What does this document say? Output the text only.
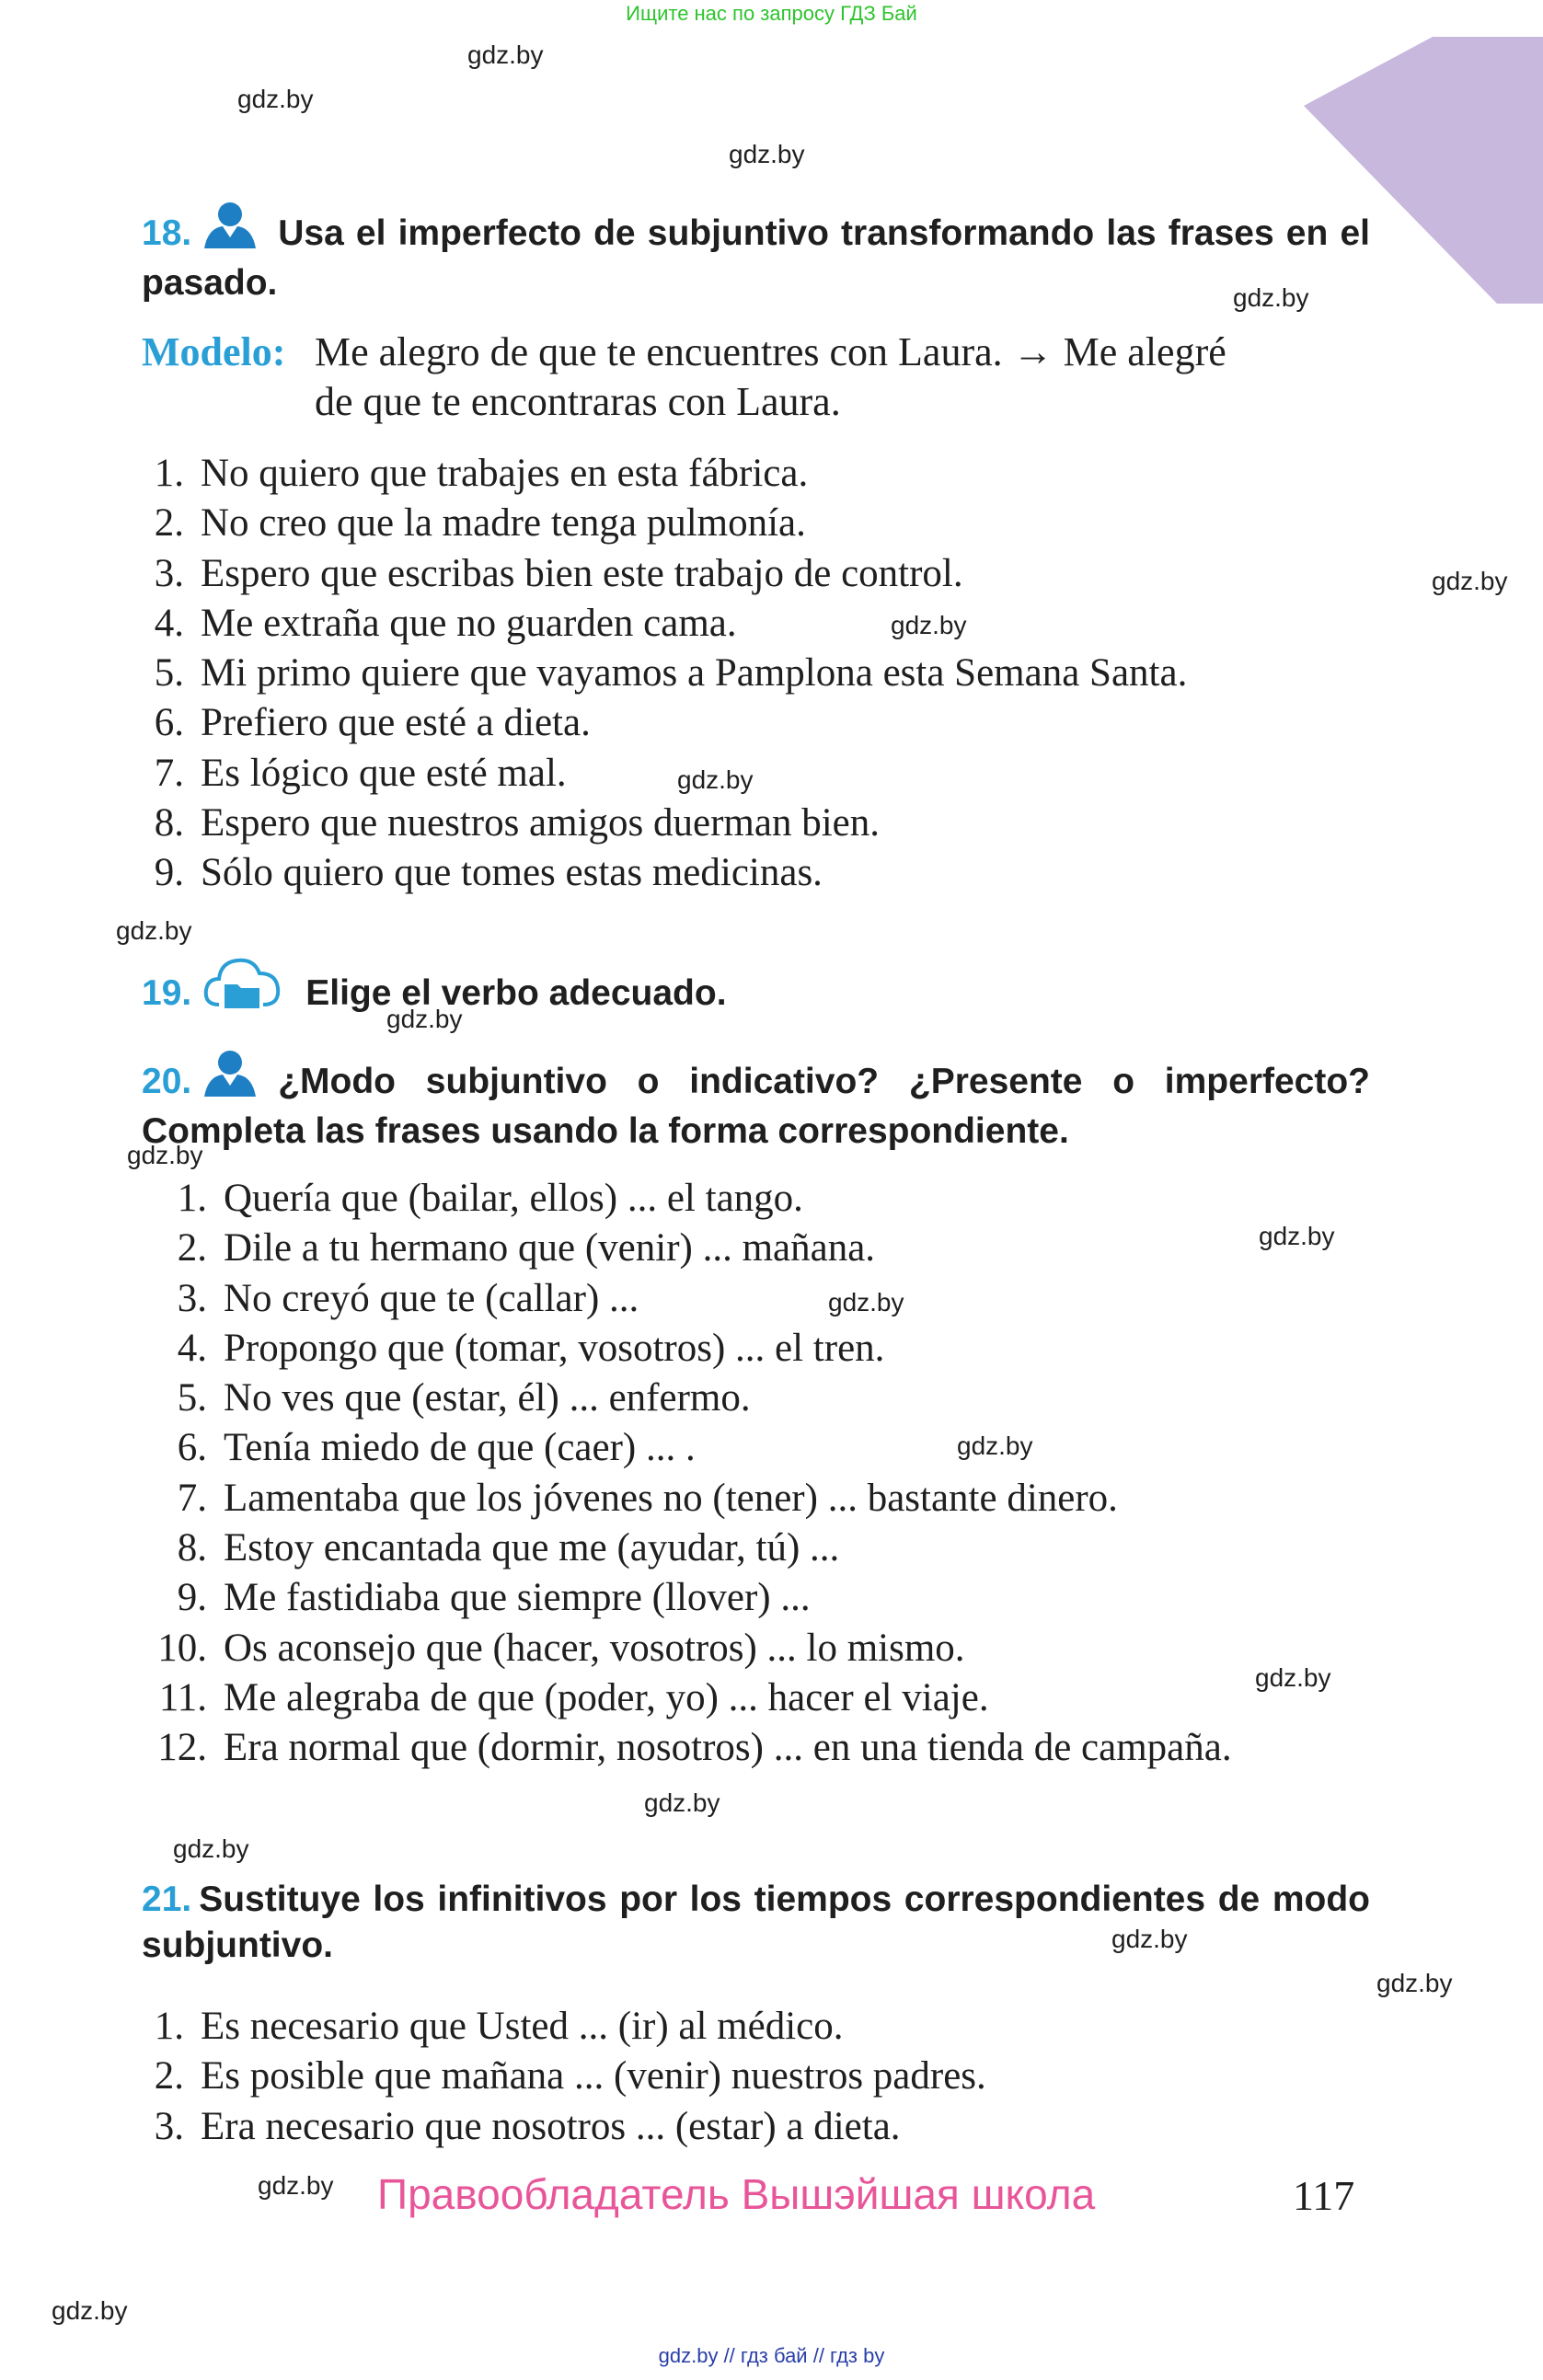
Ищите нас по запросу ГДЗ Бай
gdz.by
gdz.by
gdz.by
gdz.by
gdz.by
gdz.by
gdz.by
gdz.by
gdz.by
gdz.by
gdz.by
gdz.by
gdz.by
gdz.by
gdz.by
gdz.by
gdz.by
gdz.by
gdz.by
gdz.by
18. Usa el imperfecto de subjuntivo transformando las frases en el pasado.
Modelo: Me alegro de que te encuentres con Laura. → Me alegré
de que te encontraras con Laura.
1. No quiero que trabajes en esta fábrica.
2. No creo que la madre tenga pulmonía.
3. Espero que escribas bien este trabajo de control.
4. Me extraña que no guarden cama.
5. Mi primo quiere que vayamos a Pamplona esta Semana Santa.
6. Prefiero que esté a dieta.
7. Es lógico que esté mal.
8. Espero que nuestros amigos duerman bien.
9. Sólo quiero que tomes estas medicinas.
19.	Elige el verbo adecuado.
20. ¿Modo subjuntivo o indicativo? ¿Presente o imperfecto? Completa las frases usando la forma correspondiente.
1. Quería que (bailar, ellos) ... el tango.
2. Dile a tu hermano que (venir) ... mañana.
3. No creyó que te (callar) ...
4. Propongo que (tomar, vosotros) ... el tren.
5. No ves que (estar, él) ... enfermo.
6. Tenía miedo de que (caer) ... .
7. Lamentaba que los jóvenes no (tener) ... bastante dinero.
8. Estoy encantada que me (ayudar, tú) ...
9. Me fastidiaba que siempre (llover) ...
10. Os aconsejo que (hacer, vosotros) ... lo mismo.
11. Me alegraba de que (poder, yo) ... hacer el viaje.
12. Era normal que (dormir, nosotros) ... en una tienda de campaña.
21. Sustituye los infinitivos por los tiempos correspondientes de modo subjuntivo.
1. Es necesario que Usted ... (ir) al médico.
2. Es posible que mañana ... (venir) nuestros padres.
3. Era necesario que nosotros ... (estar) a dieta.
Правообладатель Вышэйшая школа	117
gdz.by // гдз бай // гдз by
